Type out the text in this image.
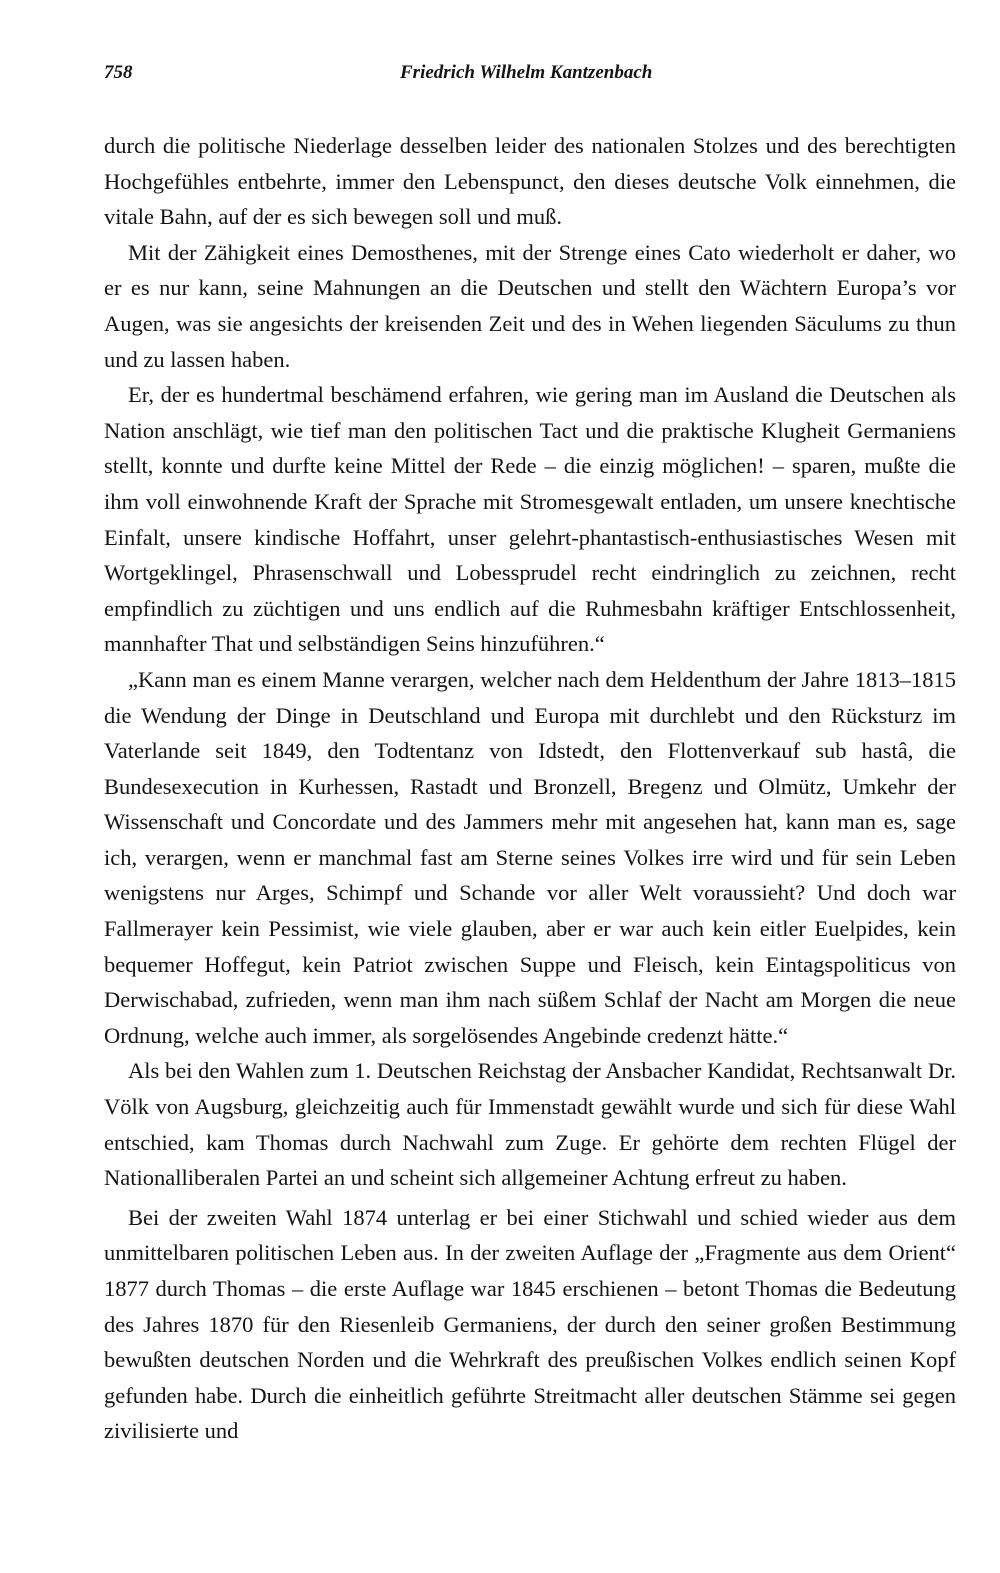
758	Friedrich Wilhelm Kantzenbach

durch die politische Niederlage desselben leider des nationalen Stolzes und des berechtigten Hochgefühles entbehrte, immer den Lebenspunct, den dieses deutsche Volk einnehmen, die vitale Bahn, auf der es sich bewegen soll und muß.

Mit der Zähigkeit eines Demosthenes, mit der Strenge eines Cato wiederholt er daher, wo er es nur kann, seine Mahnungen an die Deutschen und stellt den Wächtern Europa’s vor Augen, was sie angesichts der kreisenden Zeit und des in Wehen liegenden Säculums zu thun und zu lassen haben.

Er, der es hundertmal beschämend erfahren, wie gering man im Ausland die Deutschen als Nation anschlägt, wie tief man den politischen Tact und die praktische Klugheit Germaniens stellt, konnte und durfte keine Mittel der Rede – die einzig möglichen! – sparen, mußte die ihm voll einwohnende Kraft der Sprache mit Stromesgewalt entladen, um unsere knechtische Einfalt, unsere kindische Hoffahrt, unser gelehrt-phantastisch-enthusiastisches Wesen mit Wortgeklingel, Phrasenschwall und Lobessprudel recht eindringlich zu zeichnen, recht empfindlich zu züchtigen und uns endlich auf die Ruhmesbahn kräftiger Entschlossenheit, mannhafter That und selbständigen Seins hinzuführen.“

„Kann man es einem Manne verargen, welcher nach dem Heldenthum der Jahre 1813–1815 die Wendung der Dinge in Deutschland und Europa mit durchlebt und den Rücksturz im Vaterlande seit 1849, den Todtentanz von Idstedt, den Flottenverkauf sub hastâ, die Bundesexecution in Kurhessen, Rastadt und Bronzell, Bregenz und Olmütz, Umkehr der Wissenschaft und Concordate und des Jammers mehr mit angesehen hat, kann man es, sage ich, verargen, wenn er manchmal fast am Sterne seines Volkes irre wird und für sein Leben wenigstens nur Arges, Schimpf und Schande vor aller Welt voraussieht? Und doch war Fallmerayer kein Pessimist, wie viele glauben, aber er war auch kein eitler Euelpides, kein bequemer Hoffegut, kein Patriot zwischen Suppe und Fleisch, kein Eintagspoliticus von Derwischabad, zufrieden, wenn man ihm nach süßem Schlaf der Nacht am Morgen die neue Ordnung, welche auch immer, als sorgelösendes Angebinde credenzt hätte.“

Als bei den Wahlen zum 1. Deutschen Reichstag der Ansbacher Kandidat, Rechtsanwalt Dr. Völk von Augsburg, gleichzeitig auch für Immenstadt gewählt wurde und sich für diese Wahl entschied, kam Thomas durch Nachwahl zum Zuge. Er gehörte dem rechten Flügel der Nationalliberalen Partei an und scheint sich allgemeiner Achtung erfreut zu haben.

Bei der zweiten Wahl 1874 unterlag er bei einer Stichwahl und schied wieder aus dem unmittelbaren politischen Leben aus. In der zweiten Auflage der „Fragmente aus dem Orient“ 1877 durch Thomas – die erste Auflage war 1845 erschienen – betont Thomas die Bedeutung des Jahres 1870 für den Riesenleib Germaniens, der durch den seiner großen Bestimmung bewußten deutschen Norden und die Wehrkraft des preußischen Volkes endlich seinen Kopf gefunden habe. Durch die einheitlich geführte Streitmacht aller deutschen Stämme sei gegen zivilisierte und
